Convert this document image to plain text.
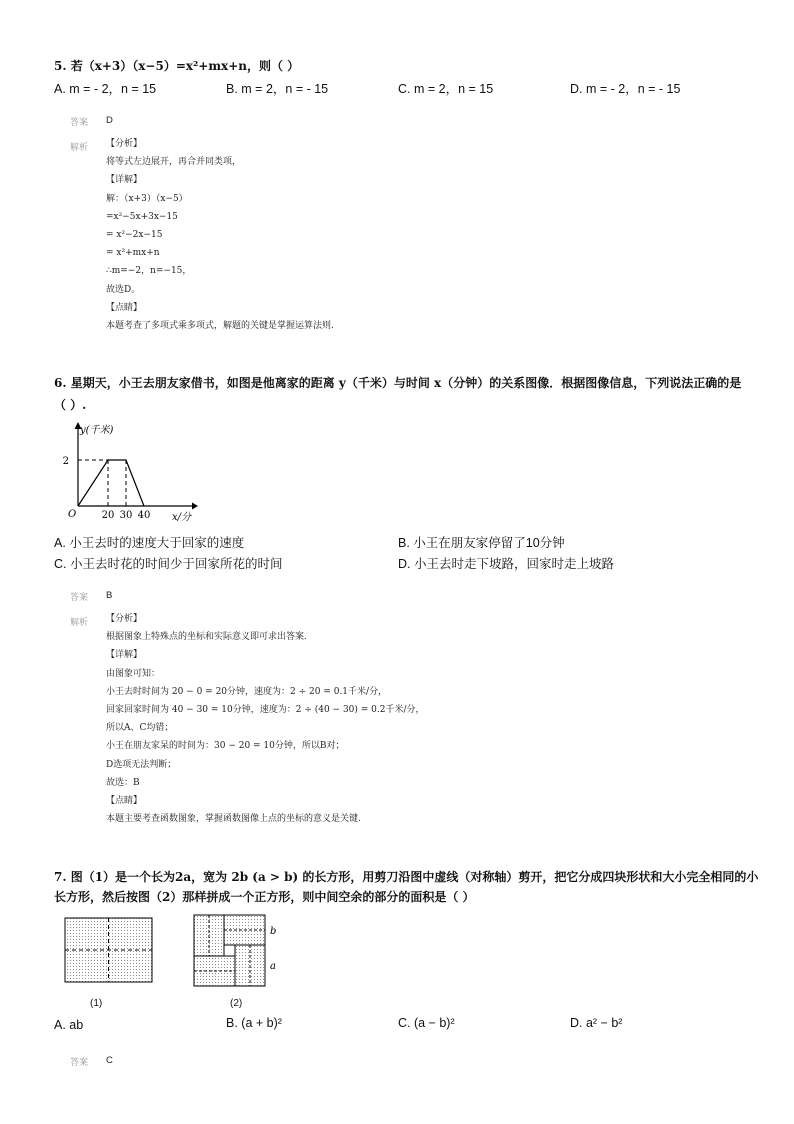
5. 若（x+3）（x−5）=x²+mx+n，则（ ）
A. m = - 2，n = 15	B. m = 2，n = - 15	C. m = 2，n = 15	D. m = - 2，n = - 15
答案 D
解析 【分析】
将等式左边展开，再合并同类项，
【详解】
解：（x+3）（x−5）
=x²−5x+3x−15
= x²−2x−15
= x²+mx+n
∴m=−2，n=−15，
故选D。
【点睛】
本题考查了多项式乘多项式，解题的关键是掌握运算法则.
6. 星期天，小王去朋友家借书，如图是他离家的距离 y（千米）与时间 x（分钟）的关系图像．根据图像信息，下列说法正确的是
（ ）.
y(千米)
2
O	20 30 40 x/分
A. 小王去时的速度大于回家的速度	B. 小王在朋友家停留了10分钟
C. 小王去时花的时间少于回家所花的时间	D. 小王去时走下坡路，回家时走上坡路
答案 B
解析 【分析】
根据图象上特殊点的坐标和实际意义即可求出答案.
【详解】
由图象可知：
小王去时时间为 20 − 0 = 20分钟，速度为：2 ÷ 20 = 0.1千米/分，
回家回家时间为 40 − 30 = 10分钟，速度为：2 ÷ (40 − 30) = 0.2千米/分，
所以A、C均错；
小王在朋友家呆的时间为：30 − 20 = 10分钟，所以B对；
D选项无法判断；
故选：B
【点睛】
本题主要考查函数图象，掌握函数图像上点的坐标的意义是关键.
7. 图（1）是一个长为2a，宽为 2b (a > b) 的长方形，用剪刀沿图中虚线（对称轴）剪开，把它分成四块形状和大小完全相同的小
长方形，然后按图（2）那样拼成一个正方形，则中间空余的部分的面积是（ ）
(1)
b
a
(2)
A. ab	B. (a + b)²	C. (a − b)²	D. a² − b²
答案 C
